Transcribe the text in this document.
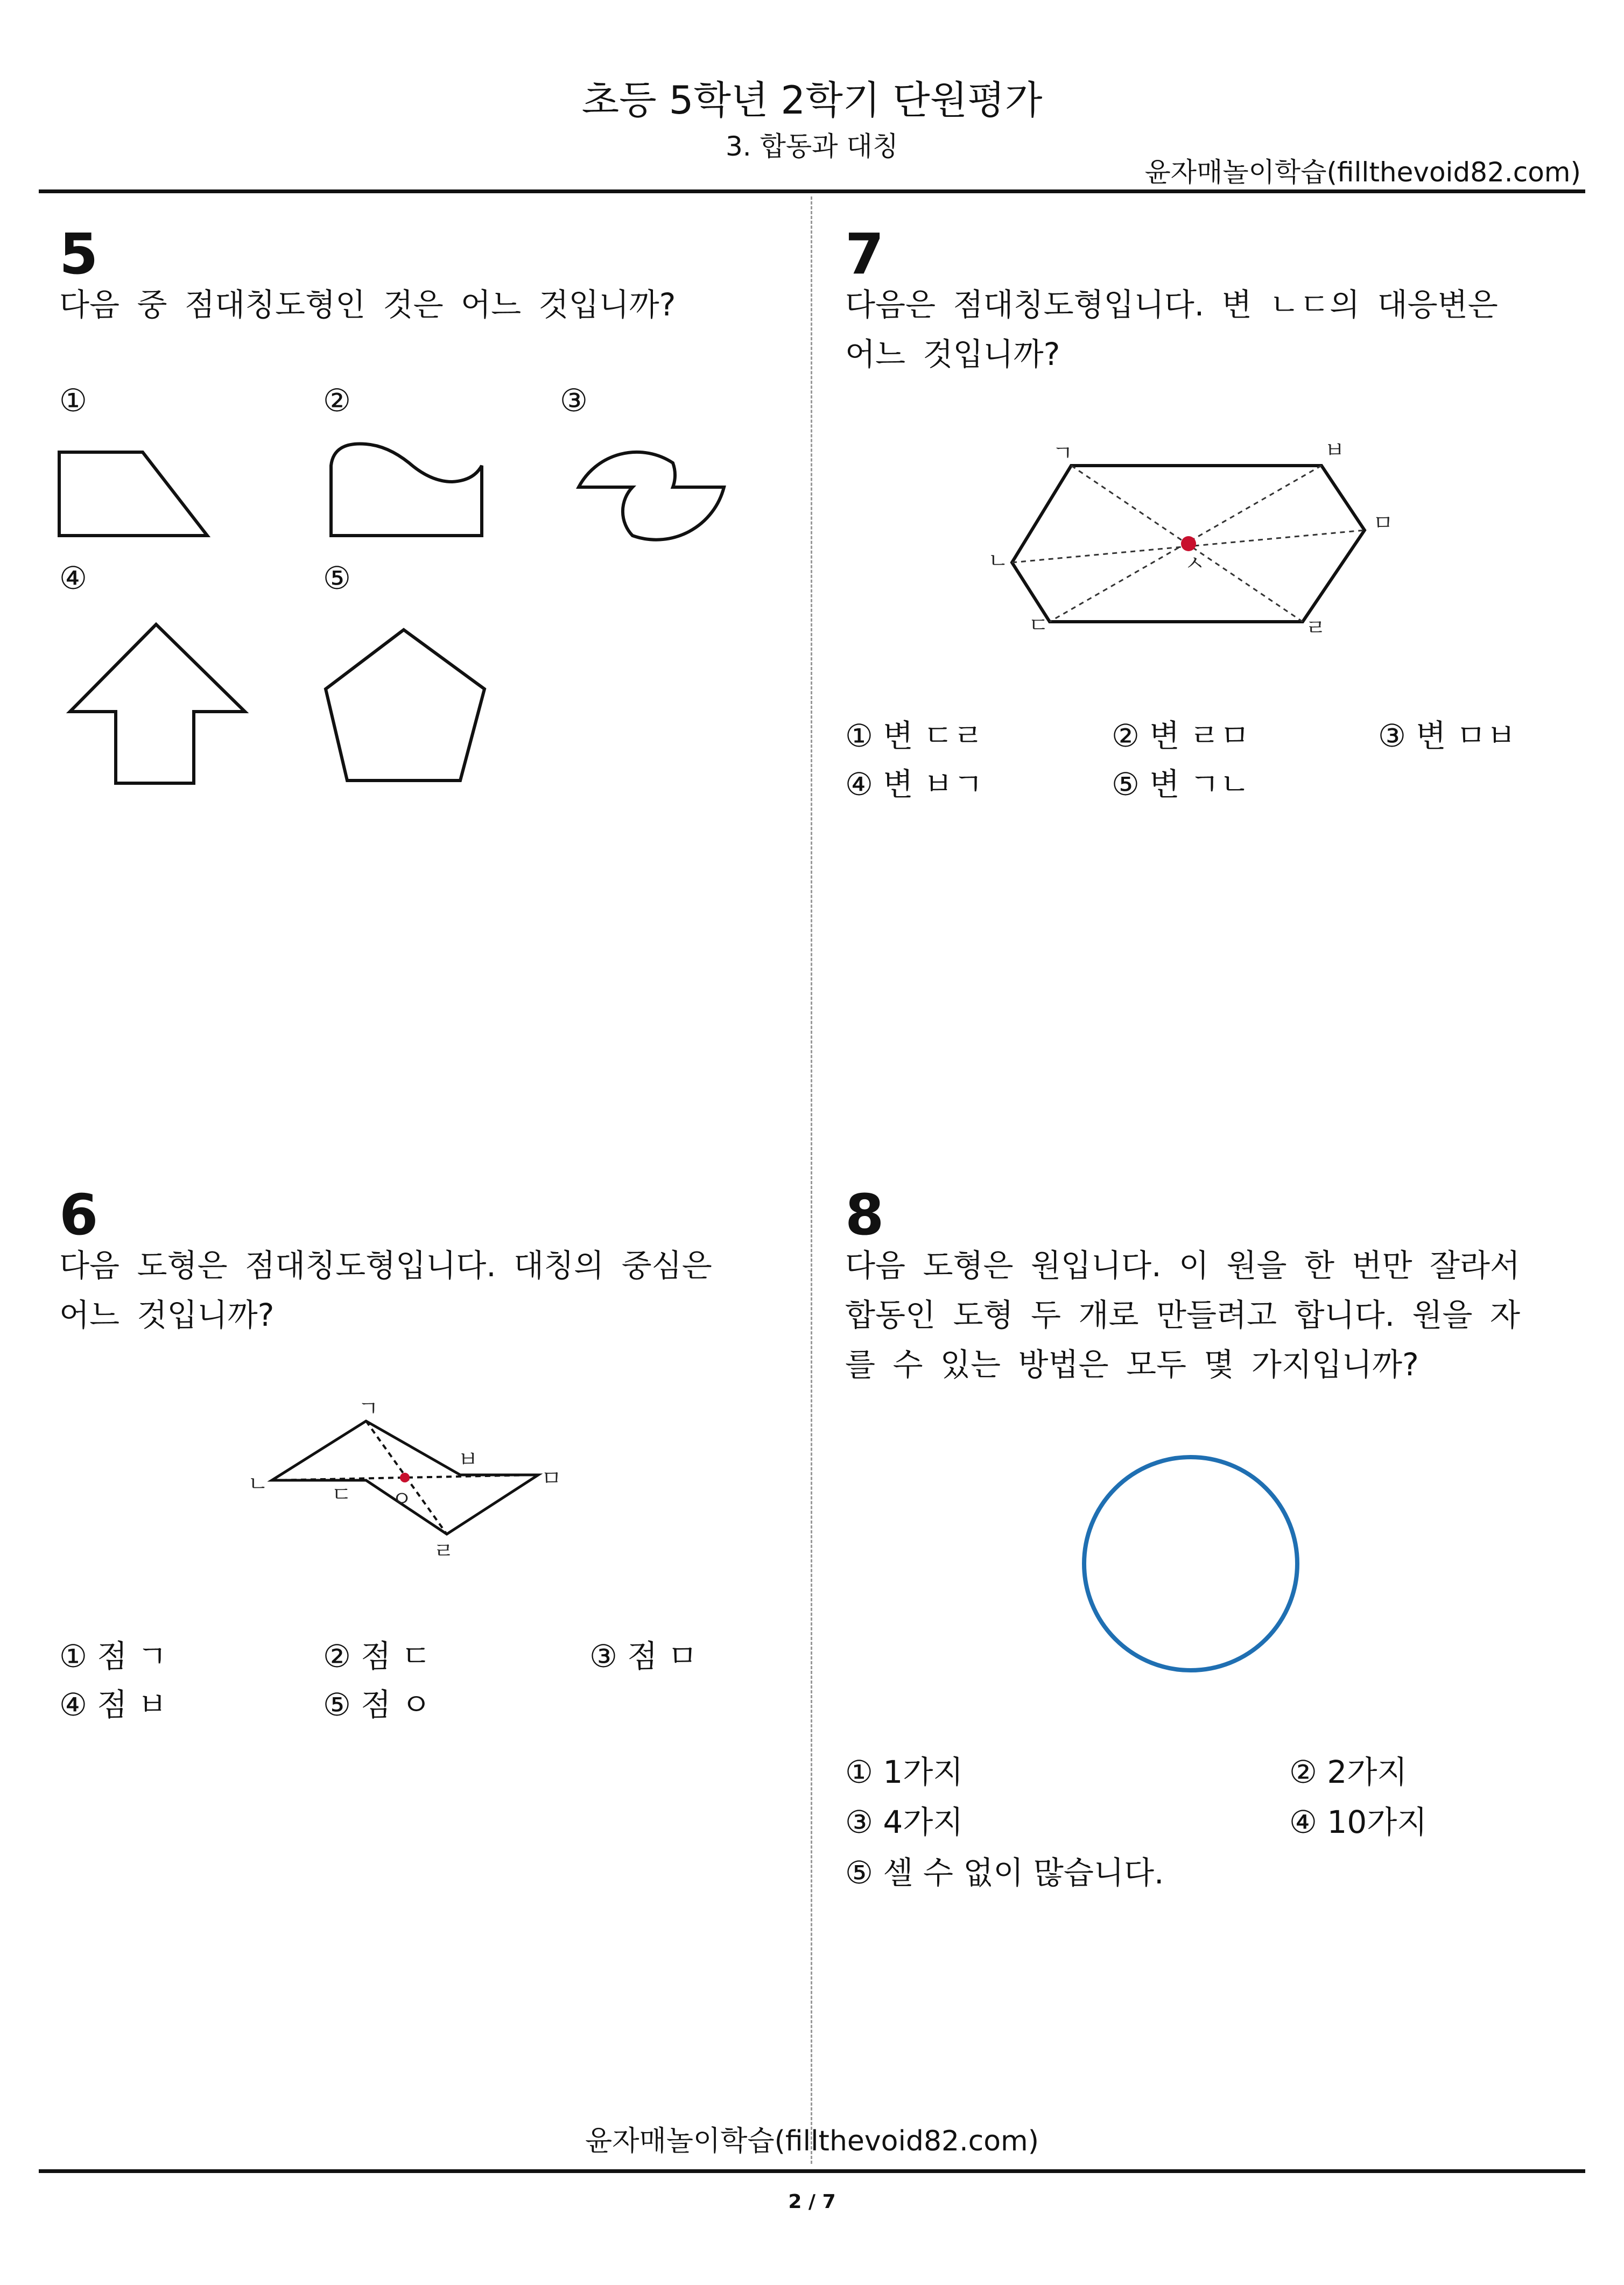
초등 5학년 2학기 단원평가
3. 합동과 대칭
윤자매놀이학습(fillthevoid82.com)
5
다음 중 점대칭도형인 것은 어느 것입니까?
①	②	③
④	⑤
6
다음 도형은 점대칭도형입니다. 대칭의 중심은 어느 것입니까?
ㄱ
ㄴ	ㄷ
ㄹ
ㅁ
ㅂ
ㅇ
① 점 ㄱ	② 점 ㄷ	③ 점 ㅁ
④ 점 ㅂ	⑤ 점 ㅇ
7
다음은 점대칭도형입니다. 변 ㄴㄷ의 대응변은 어느 것입니까?
ㄱ
ㄴ
ㄷ	ㄹ
ㅁ
ㅂ
ㅅ
① 변 ㄷㄹ	② 변 ㄹㅁ	③ 변 ㅁㅂ
④ 변 ㅂㄱ	⑤ 변 ㄱㄴ
8
다음 도형은 원입니다. 이 원을 한 번만 잘라서 합동인 도형 두 개로 만들려고 합니다. 원을 자를 수 있는 방법은 모두 몇 가지입니까?
① 1가지	② 2가지
③ 4가지	④ 10가지
⑤ 셀 수 없이 많습니다.
윤자매놀이학습(fillthevoid82.com)
2 / 7
